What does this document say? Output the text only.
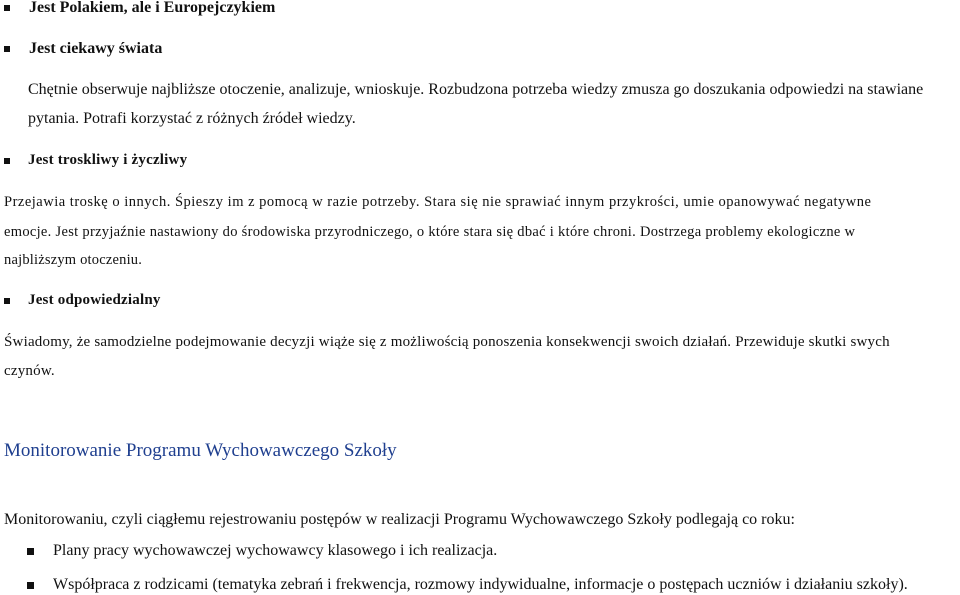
Jest Polakiem, ale i Europejczykiem
Jest ciekawy świata
Chętnie obserwuje najbliższe otoczenie, analizuje, wnioskuje. Rozbudzona potrzeba wiedzy zmusza go doszukania odpowiedzi na stawiane
pytania. Potrafi korzystać z różnych źródeł wiedzy.
Jest troskliwy i życzliwy
Przejawia troskę o innych. Śpieszy im z pomocą w razie potrzeby. Stara się nie sprawiać innym przykrości, umie opanowywać negatywne
emocje. Jest przyjaźnie nastawiony do środowiska przyrodniczego, o które stara się dbać i które chroni. Dostrzega problemy ekologiczne w
najbliższym otoczeniu.
Jest odpowiedzialny
Świadomy, że samodzielne podejmowanie decyzji wiąże się z możliwością ponoszenia konsekwencji swoich działań. Przewiduje skutki swych
czynów.
Monitorowanie Programu Wychowawczego Szkoły
Monitorowaniu, czyli ciągłemu rejestrowaniu postępów w realizacji Programu Wychowawczego Szkoły podlegają co roku:
Plany pracy wychowawczej wychowawcy klasowego i ich realizacja.
Współpraca z rodzicami (tematyka zebrań i frekwencja, rozmowy indywidualne, informacje o postępach uczniów i działaniu szkoły).
